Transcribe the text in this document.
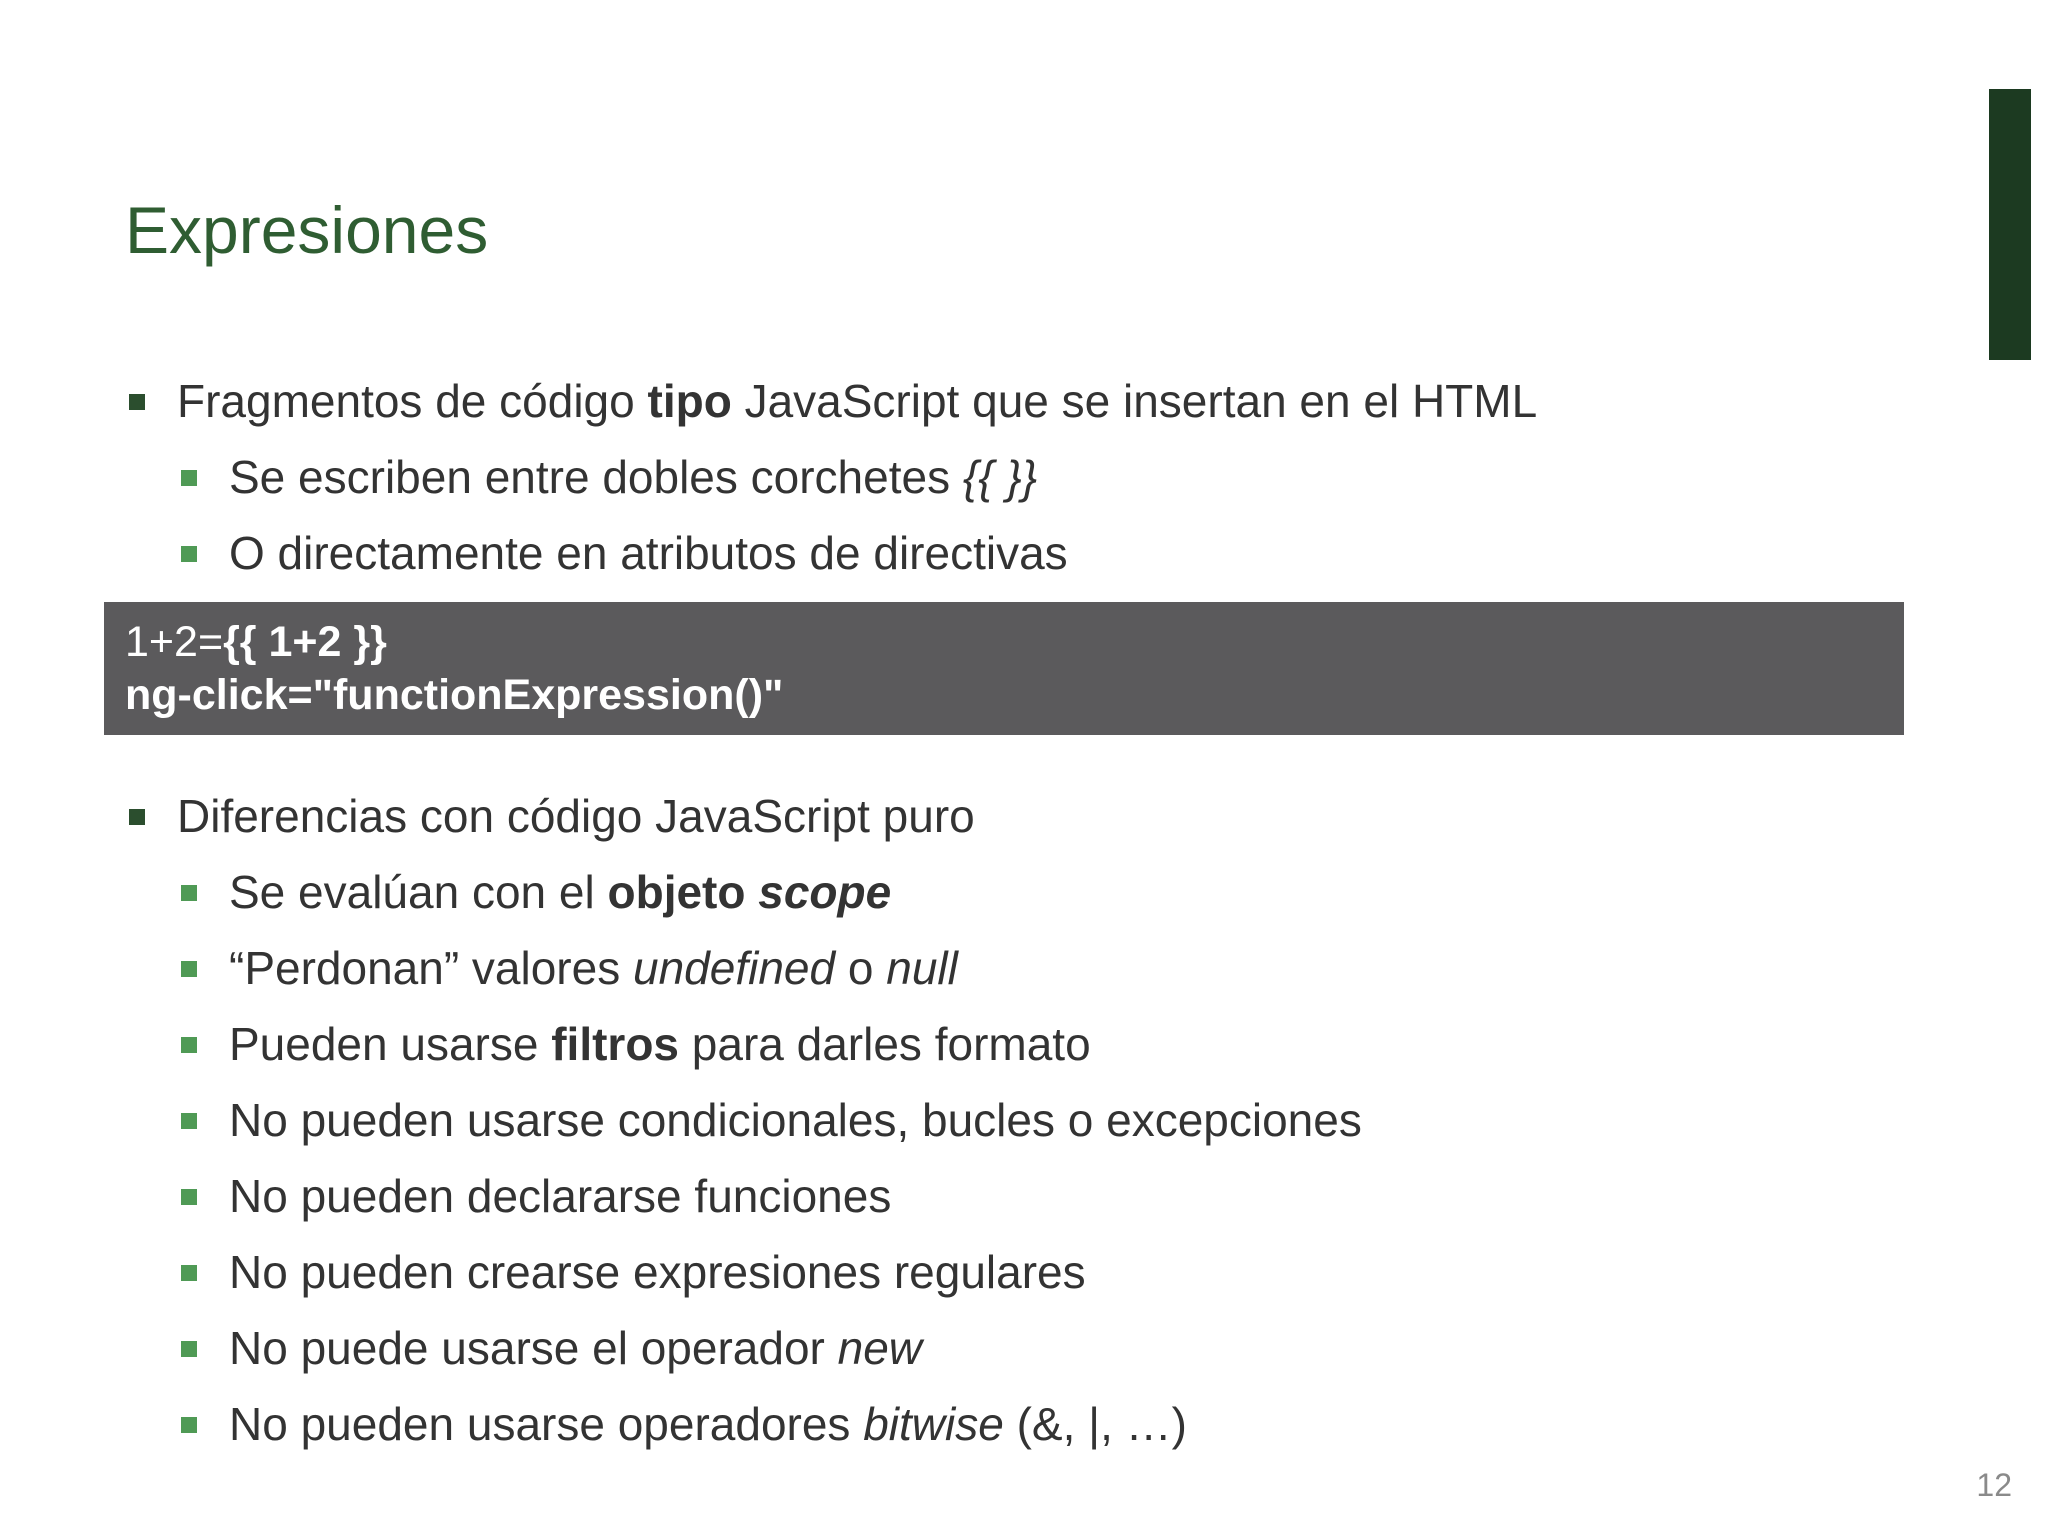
Expresiones
Fragmentos de código tipo JavaScript que se insertan en el HTML
Se escriben entre dobles corchetes {{ }}
O directamente en atributos de directivas
1+2={{ 1+2 }}
ng-click="functionExpression()"
Diferencias con código JavaScript puro
Se evalúan con el objeto scope
“Perdonan” valores undefined o null
Pueden usarse filtros para darles formato
No pueden usarse condicionales, bucles o excepciones
No pueden declararse funciones
No pueden crearse expresiones regulares
No puede usarse el operador new
No pueden usarse operadores bitwise (&, |, …)
12
